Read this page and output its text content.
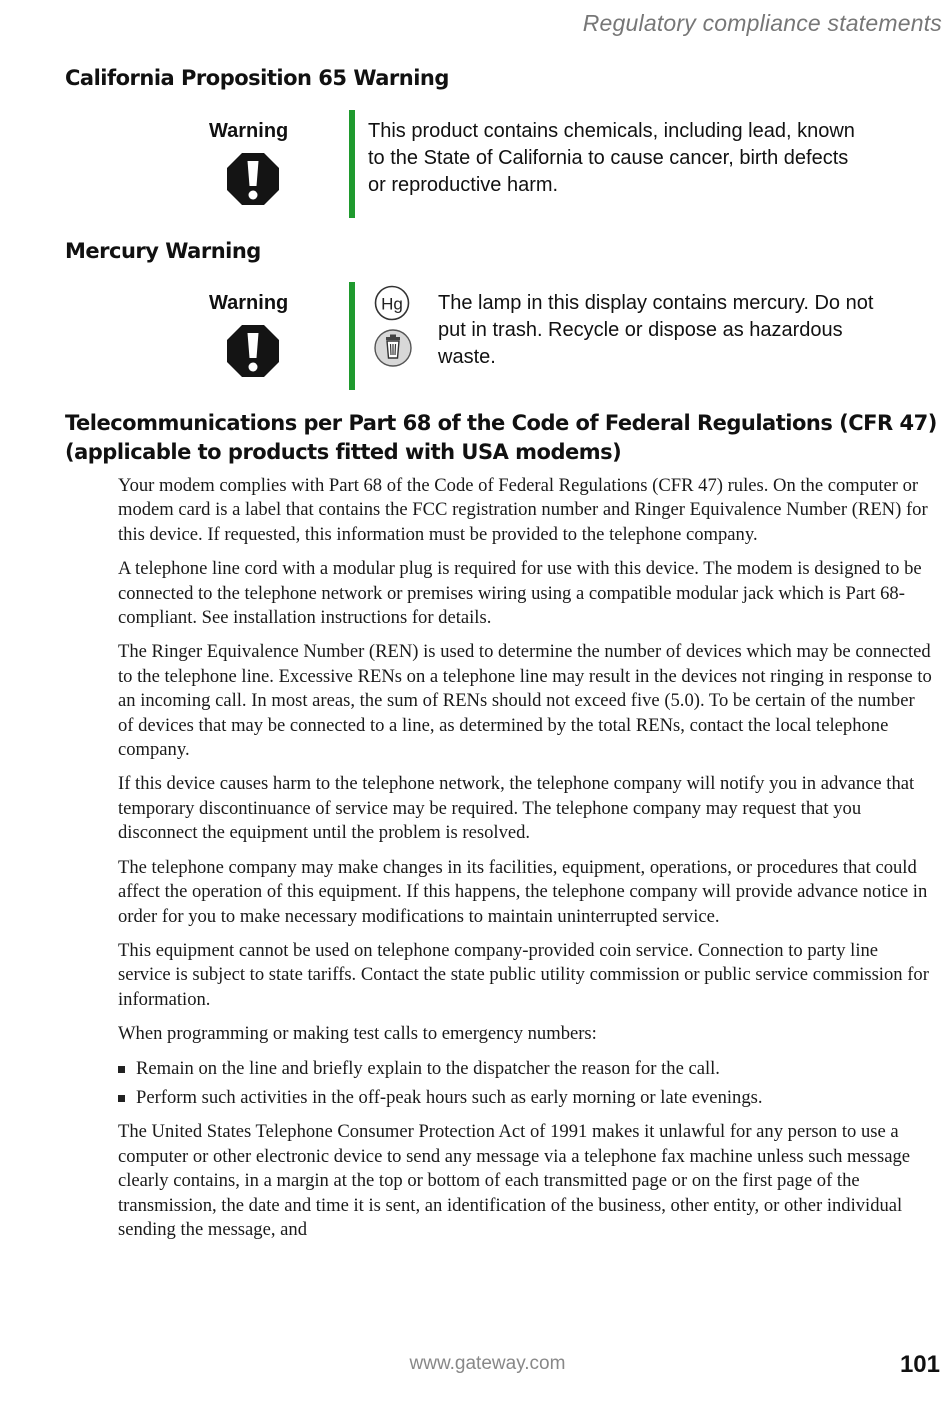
Regulatory compliance statements
California Proposition 65 Warning
Warning	This product contains chemicals, including lead, known to the State of California to cause cancer, birth defects or reproductive harm.
Mercury Warning
Warning	Hg The lamp in this display contains mercury. Do not put in trash. Recycle or dispose as hazardous waste.
Telecommunications per Part 68 of the Code of Federal Regulations (CFR 47)
(applicable to products fitted with USA modems)

Your modem complies with Part 68 of the Code of Federal Regulations (CFR 47) rules. On the computer or modem card is a label that contains the FCC registration number and Ringer Equivalence Number (REN) for this device. If requested, this information must be provided to the telephone company.

A telephone line cord with a modular plug is required for use with this device. The modem is designed to be connected to the telephone network or premises wiring using a compatible modular jack which is Part 68-compliant. See installation instructions for details.

The Ringer Equivalence Number (REN) is used to determine the number of devices which may be connected to the telephone line. Excessive RENs on a telephone line may result in the devices not ringing in response to an incoming call. In most areas, the sum of RENs should not exceed five (5.0). To be certain of the number of devices that may be connected to a line, as determined by the total RENs, contact the local telephone company.

If this device causes harm to the telephone network, the telephone company will notify you in advance that temporary discontinuance of service may be required. The telephone company may request that you disconnect the equipment until the problem is resolved.

The telephone company may make changes in its facilities, equipment, operations, or procedures that could affect the operation of this equipment. If this happens, the telephone company will provide advance notice in order for you to make necessary modifications to maintain uninterrupted service.

This equipment cannot be used on telephone company-provided coin service. Connection to party line service is subject to state tariffs. Contact the state public utility commission or public service commission for information.

When programming or making test calls to emergency numbers:

Remain on the line and briefly explain to the dispatcher the reason for the call.
Perform such activities in the off-peak hours such as early morning or late evenings.

The United States Telephone Consumer Protection Act of 1991 makes it unlawful for any person to use a computer or other electronic device to send any message via a telephone fax machine unless such message clearly contains, in a margin at the top or bottom of each transmitted page or on the first page of the transmission, the date and time it is sent, an identification of the business, other entity, or other individual sending the message, and

www.gateway.com	101
